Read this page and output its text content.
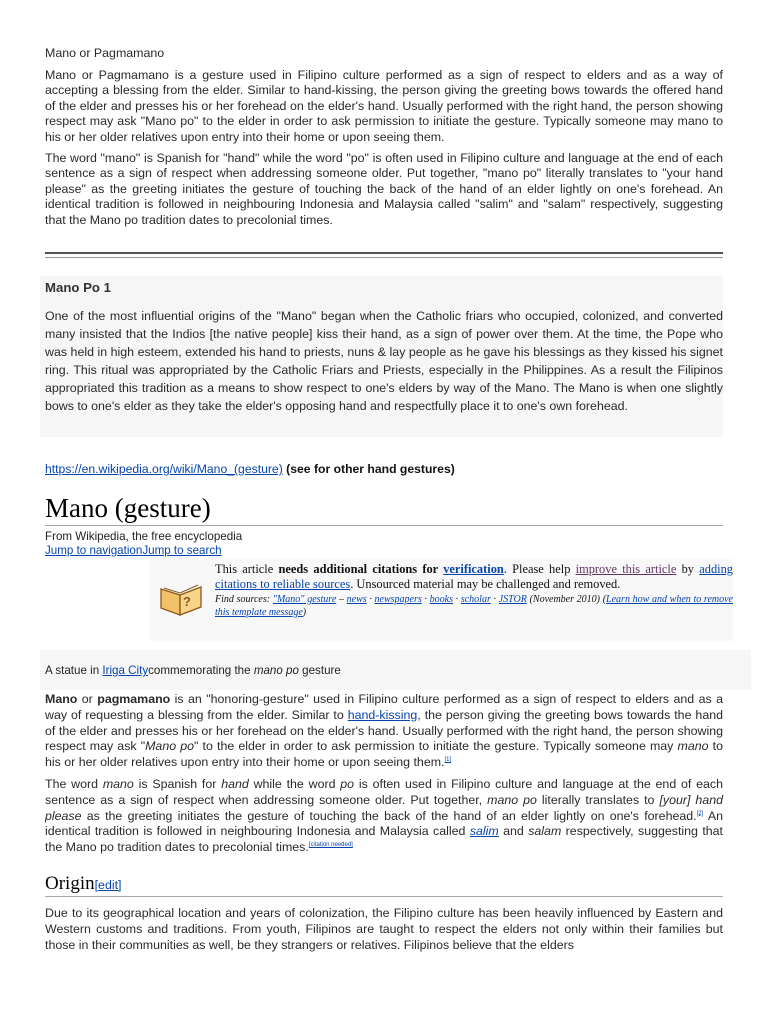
Mano or Pagmamano

Mano or Pagmamano is a gesture used in Filipino culture performed as a sign of respect to elders and as a way of accepting a blessing from the elder. Similar to hand-kissing, the person giving the greeting bows towards the offered hand of the elder and presses his or her forehead on the elder's hand. Usually performed with the right hand, the person showing respect may ask "Mano po" to the elder in order to ask permission to initiate the gesture. Typically someone may mano to his or her older relatives upon entry into their home or upon seeing them.

The word "mano" is Spanish for "hand" while the word "po" is often used in Filipino culture and language at the end of each sentence as a sign of respect when addressing someone older. Put together, "mano po" literally translates to "your hand please" as the greeting initiates the gesture of touching the back of the hand of an elder lightly on one's forehead. An identical tradition is followed in neighbouring Indonesia and Malaysia called "salim" and "salam" respectively, suggesting that the Mano po tradition dates to precolonial times.

Mano Po 1

One of the most influential origins of the "Mano" began when the Catholic friars who occupied, colonized, and converted many insisted that the Indios [the native people] kiss their hand, as a sign of power over them. At the time, the Pope who was held in high esteem, extended his hand to priests, nuns & lay people as he gave his blessings as they kissed his signet ring. This ritual was appropriated by the Catholic Friars and Priests, especially in the Philippines. As a result the Filipinos appropriated this tradition as a means to show respect to one's elders by way of the Mano. The Mano is when one slightly bows to one's elder as they take the elder's opposing hand and respectfully place it to one's own forehead.

https://en.wikipedia.org/wiki/Mano_(gesture) (see for other hand gestures)
Mano (gesture)
From Wikipedia, the free encyclopedia
Jump to navigationJump to search
?
This article needs additional citations for verification. Please help improve this article by adding citations to reliable sources. Unsourced material may be challenged and removed.
Find sources: "Mano" gesture – news · newspapers · books · scholar · JSTOR (November 2010) (Learn how and when to remove this template message)
A statue in Iriga Citycommemorating the mano po gesture

Mano or pagmamano is an "honoring-gesture" used in Filipino culture performed as a sign of respect to elders and as a way of requesting a blessing from the elder. Similar to hand-kissing, the person giving the greeting bows towards the hand of the elder and presses his or her forehead on the elder's hand. Usually performed with the right hand, the person showing respect may ask "Mano po" to the elder in order to ask permission to initiate the gesture. Typically someone may mano to his or her older relatives upon entry into their home or upon seeing them.[1]

The word mano is Spanish for hand while the word po is often used in Filipino culture and language at the end of each sentence as a sign of respect when addressing someone older. Put together, mano po literally translates to [your] hand please as the greeting initiates the gesture of touching the back of the hand of an elder lightly on one's forehead.[2] An identical tradition is followed in neighbouring Indonesia and Malaysia called salim and salam respectively, suggesting that the Mano po tradition dates to precolonial times.[citation needed]

Origin[edit]

Due to its geographical location and years of colonization, the Filipino culture has been heavily influenced by Eastern and Western customs and traditions. From youth, Filipinos are taught to respect the elders not only within their families but those in their communities as well, be they strangers or relatives. Filipinos believe that the elders
